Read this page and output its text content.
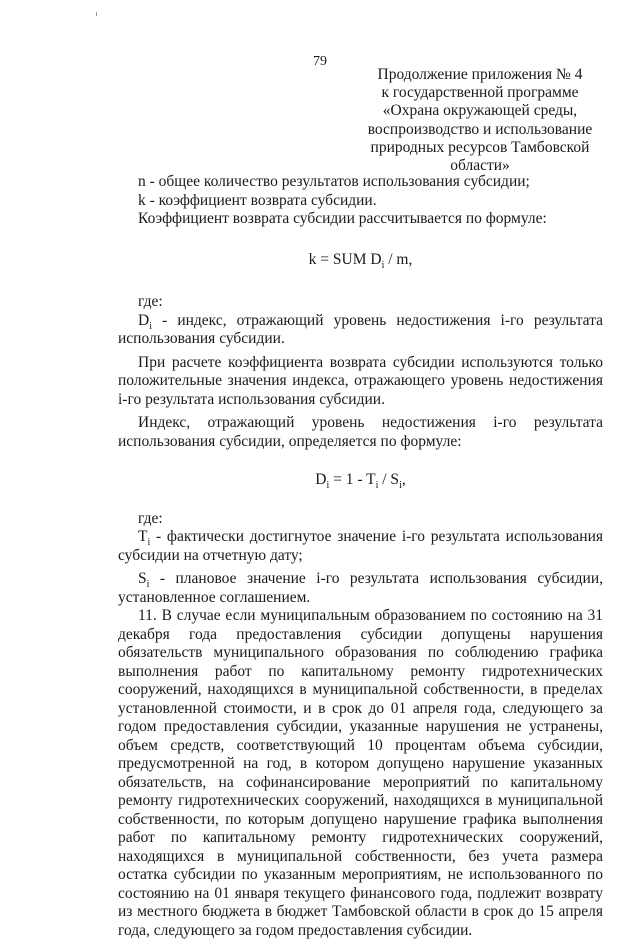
79
Продолжение приложения № 4
к государственной программе
«Охрана окружающей среды,
воспроизводство и использование
природных ресурсов Тамбовской
области»

n - общее количество результатов использования субсидии;

k - коэффициент возврата субсидии.

Коэффициент возврата субсидии рассчитывается по формуле:

k = SUM $D_i$ / m,

где:

$D_i$ - индекс, отражающий уровень недостижения i-го результата использования субсидии.

При расчете коэффициента возврата субсидии используются только положительные значения индекса, отражающего уровень недостижения i-го результата использования субсидии.

Индекс, отражающий уровень недостижения i-го результата использования субсидии, определяется по формуле:

$D_i = 1 - T_i / S_i$,

где:

$T_i$ - фактически достигнутое значение i-го результата использования субсидии на отчетную дату;

$S_i$ - плановое значение i-го результата использования субсидии, установленное соглашением.

11. В случае если муниципальным образованием по состоянию на 31 декабря года предоставления субсидии допущены нарушения обязательств муниципального образования по соблюдению графика выполнения работ по капитальному ремонту гидротехнических сооружений, находящихся в муниципальной собственности, в пределах установленной стоимости, и в срок до 01 апреля года, следующего за годом предоставления субсидии, указанные нарушения не устранены, объем средств, соответствующий 10 процентам объема субсидии, предусмотренной на год, в котором допущено нарушение указанных обязательств, на софинансирование мероприятий по капитальному ремонту гидротехнических сооружений, находящихся в муниципальной собственности, по которым допущено нарушение графика выполнения работ по капитальному ремонту гидротехнических сооружений, находящихся в муниципальной собственности, без учета размера остатка субсидии по указанным мероприятиям, не использованного по состоянию на 01 января текущего финансового года, подлежит возврату из местного бюджета в бюджет Тамбовской области в срок до 15 апреля года, следующего за годом предоставления субсидии.
